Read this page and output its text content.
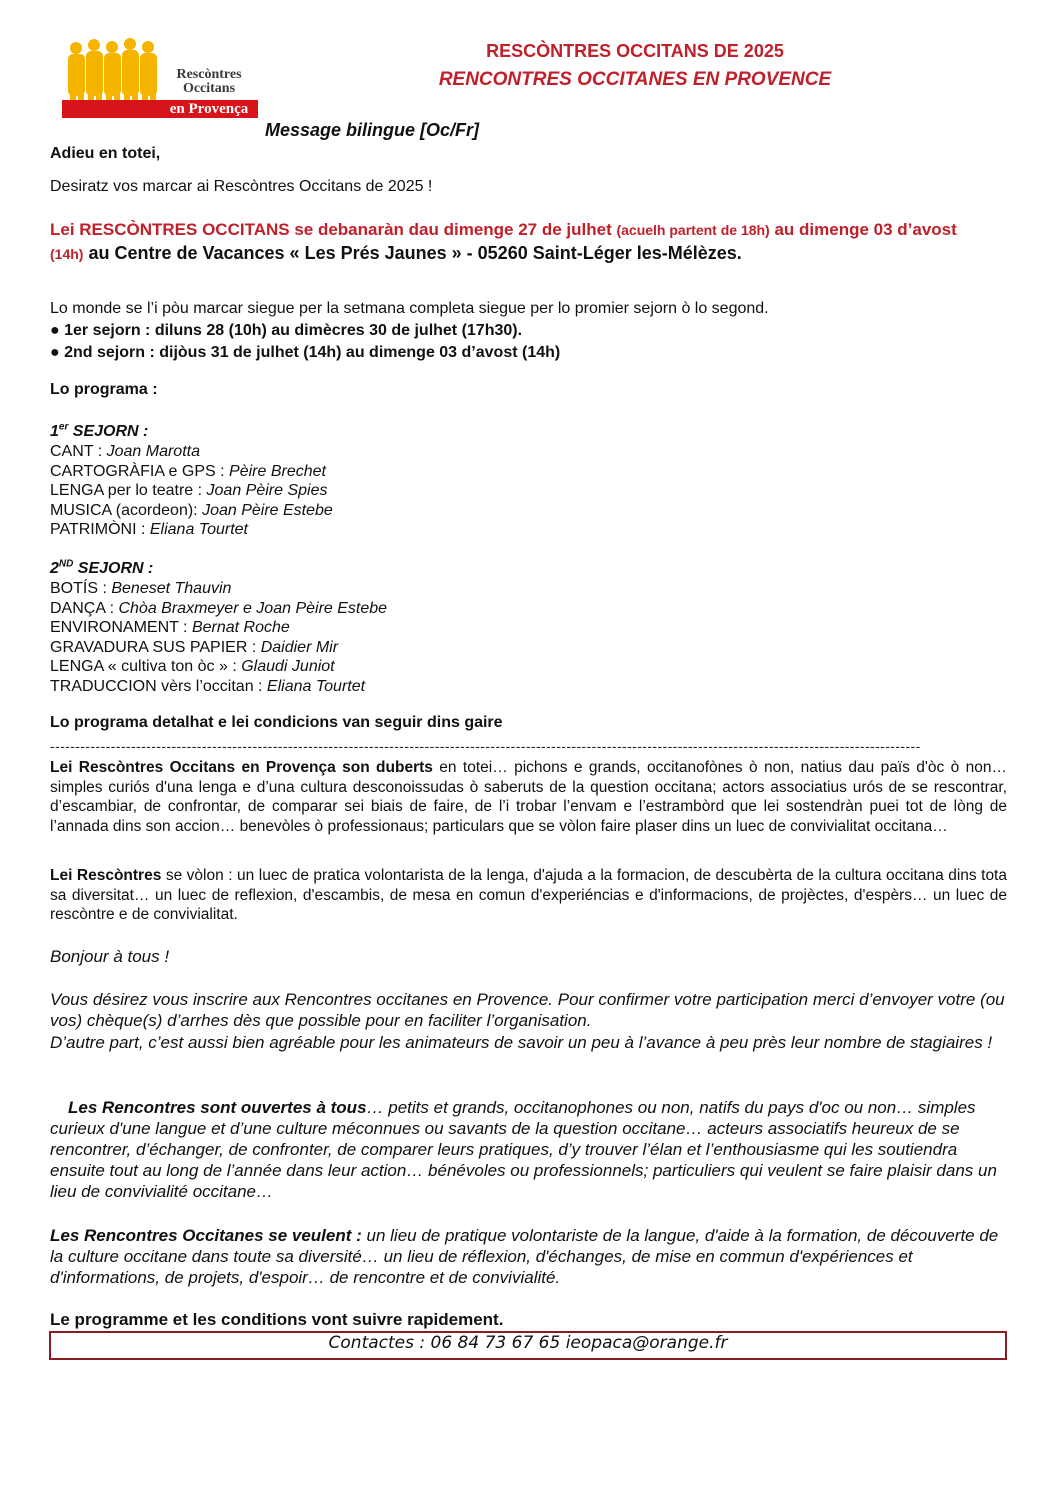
Rescòntres
Occitans
en Provença
RESCÒNTRES OCCITANS DE 2025
RENCONTRES OCCITANES EN PROVENCE
Message bilingue [Oc/Fr]
Adieu en totei,
Desiratz vos marcar ai Rescòntres Occitans de 2025 !
Lei RESCÒNTRES OCCITANS se debanaràn dau dimenge 27 de julhet (acuelh partent de 18h) au dimenge 03 d’avost (14h) au Centre de Vacances « Les Prés Jaunes » - 05260 Saint-Léger les-Mélèzes.
Lo monde se l’i pòu marcar siegue per la setmana completa siegue per lo promier sejorn ò lo segond.
● 1er sejorn : diluns 28 (10h) au dimècres 30 de julhet (17h30).
● 2nd sejorn : dijòus 31 de julhet (14h) au dimenge 03 d’avost (14h)
Lo programa :
1er SEJORN :
CANT : Joan Marotta
CARTOGRÀFIA e GPS : Pèire Brechet
LENGA per lo teatre : Joan Pèire Spies
MUSICA (acordeon): Joan Pèire Estebe
PATRIMÒNI : Eliana Tourtet
2ND SEJORN :
BOTÍS : Beneset Thauvin
DANÇA : Chòa Braxmeyer e Joan Pèire Estebe
ENVIRONAMENT : Bernat Roche
GRAVADURA SUS PAPIER : Daidier Mir
LENGA « cultiva ton òc » : Glaudi Juniot
TRADUCCION vèrs l’occitan : Eliana Tourtet
Lo programa detalhat e lei condicions van seguir dins gaire
----------------------------------------------------------------------------------------------------------------------------------------------------------------------------
Lei Rescòntres Occitans en Provença son duberts en totei… pichons e grands, occitanofònes ò non, natius dau païs d'òc ò non… simples curiós d'una lenga e d’una cultura desconoissudas ò saberuts de la question occitana; actors associatius urós de se rescontrar, d’escambiar, de confrontar, de comparar sei biais de faire, de l’i trobar l’envam e l’estrambòrd que lei sostendràn puei tot de lòng de l’annada dins son accion… benevòles ò professionaus; particulars que se vòlon faire plaser dins un luec de convivialitat occitana…
Lei Rescòntres se vòlon : un luec de pratica volontarista de la lenga, d'ajuda a la formacion, de descubèrta de la cultura occitana dins tota sa diversitat… un luec de reflexion, d'escambis, de mesa en comun d'experiéncias e d'informacions, de projèctes, d'espèrs… un luec de rescòntre e de convivialitat.
Bonjour à tous !
Vous désirez vous inscrire aux Rencontres occitanes en Provence. Pour confirmer votre participation merci d’envoyer votre (ou vos) chèque(s) d’arrhes dès que possible pour en faciliter l’organisation.
D’autre part, c’est aussi bien agréable pour les animateurs de savoir un peu à l’avance à peu près leur nombre de stagiaires !
Les Rencontres sont ouvertes à tous… petits et grands, occitanophones ou non, natifs du pays d'oc ou non… simples curieux d'une langue et d’une culture méconnues ou savants de la question occitane… acteurs associatifs heureux de se rencontrer, d’échanger, de confronter, de comparer leurs pratiques, d’y trouver l’élan et l’enthousiasme qui les soutiendra ensuite tout au long de l’année dans leur action… bénévoles ou professionnels; particuliers qui veulent se faire plaisir dans un lieu de convivialité occitane…
Les Rencontres Occitanes se veulent : un lieu de pratique volontariste de la langue, d'aide à la formation, de découverte de la culture occitane dans toute sa diversité… un lieu de réflexion, d'échanges, de mise en commun d'expériences et d'informations, de projets, d'espoir… de rencontre et de convivialité.
Le programme et les conditions vont suivre rapidement.
Contactes : 06 84 73 67 65 ieopaca@orange.fr
